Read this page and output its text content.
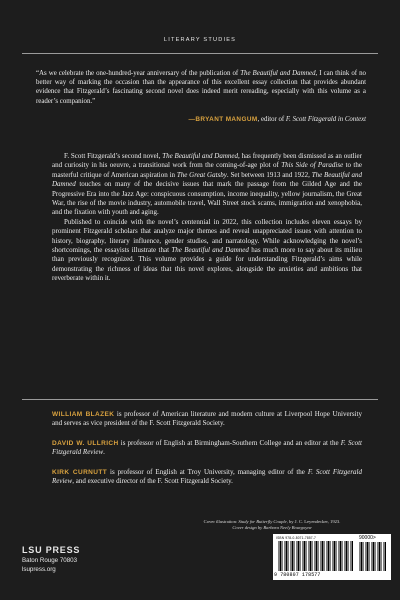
LITERARY STUDIES

“As we celebrate the one-hundred-year anniversary of the publication of The Beautiful and Damned, I can think of no better way of marking the occasion than the appearance of this excellent essay collection that provides abundant evidence that Fitzgerald’s fascinating second novel does indeed merit rereading, especially with this volume as a reader’s companion.”

—BRYANT MANGUM, editor of F. Scott Fitzgerald in Context

F. Scott Fitzgerald’s second novel, The Beautiful and Damned, has frequently been dismissed as an outlier and curiosity in his oeuvre, a transitional work from the coming-of-age plot of This Side of Paradise to the masterful critique of American aspiration in The Great Gatsby. Set between 1913 and 1922, The Beautiful and Damned touches on many of the decisive issues that mark the passage from the Gilded Age and the Progressive Era into the Jazz Age: conspicuous consumption, income inequality, yellow journalism, the Great War, the rise of the movie industry, automobile travel, Wall Street stock scams, immigration and xenophobia, and the fixation with youth and aging.

Published to coincide with the novel’s centennial in 2022, this collection includes eleven essays by prominent Fitzgerald scholars that analyze major themes and reveal unappreciated issues with attention to history, biography, literary influence, gender studies, and narratology. While acknowledging the novel’s shortcomings, the essayists illustrate that The Beautiful and Damned has much more to say about its milieu than previously recognized. This volume provides a guide for understanding Fitzgerald’s aims while demonstrating the richness of ideas that this novel explores, alongside the anxieties and ambitions that reverberate within it.

WILLIAM BLAZEK is professor of American literature and modern culture at Liverpool Hope University and serves as vice president of the F. Scott Fitzgerald Society.

DAVID W. ULLRICH is professor of English at Birmingham-Southern College and an editor at the F. Scott Fitzgerald Review.

KIRK CURNUTT is professor of English at Troy University, managing editor of the F. Scott Fitzgerald Review, and executive director of the F. Scott Fitzgerald Society.

Cover illustration: Study for Butterfly Couple, by J. C. Leyendecker, 1923.
Cover design by Barbara Neely Bourgoyne
LSU PRESS
Baton Rouge 70803
lsupress.org
ISBN 978-0-8071-7857-7	90000>
9 780807 178577
